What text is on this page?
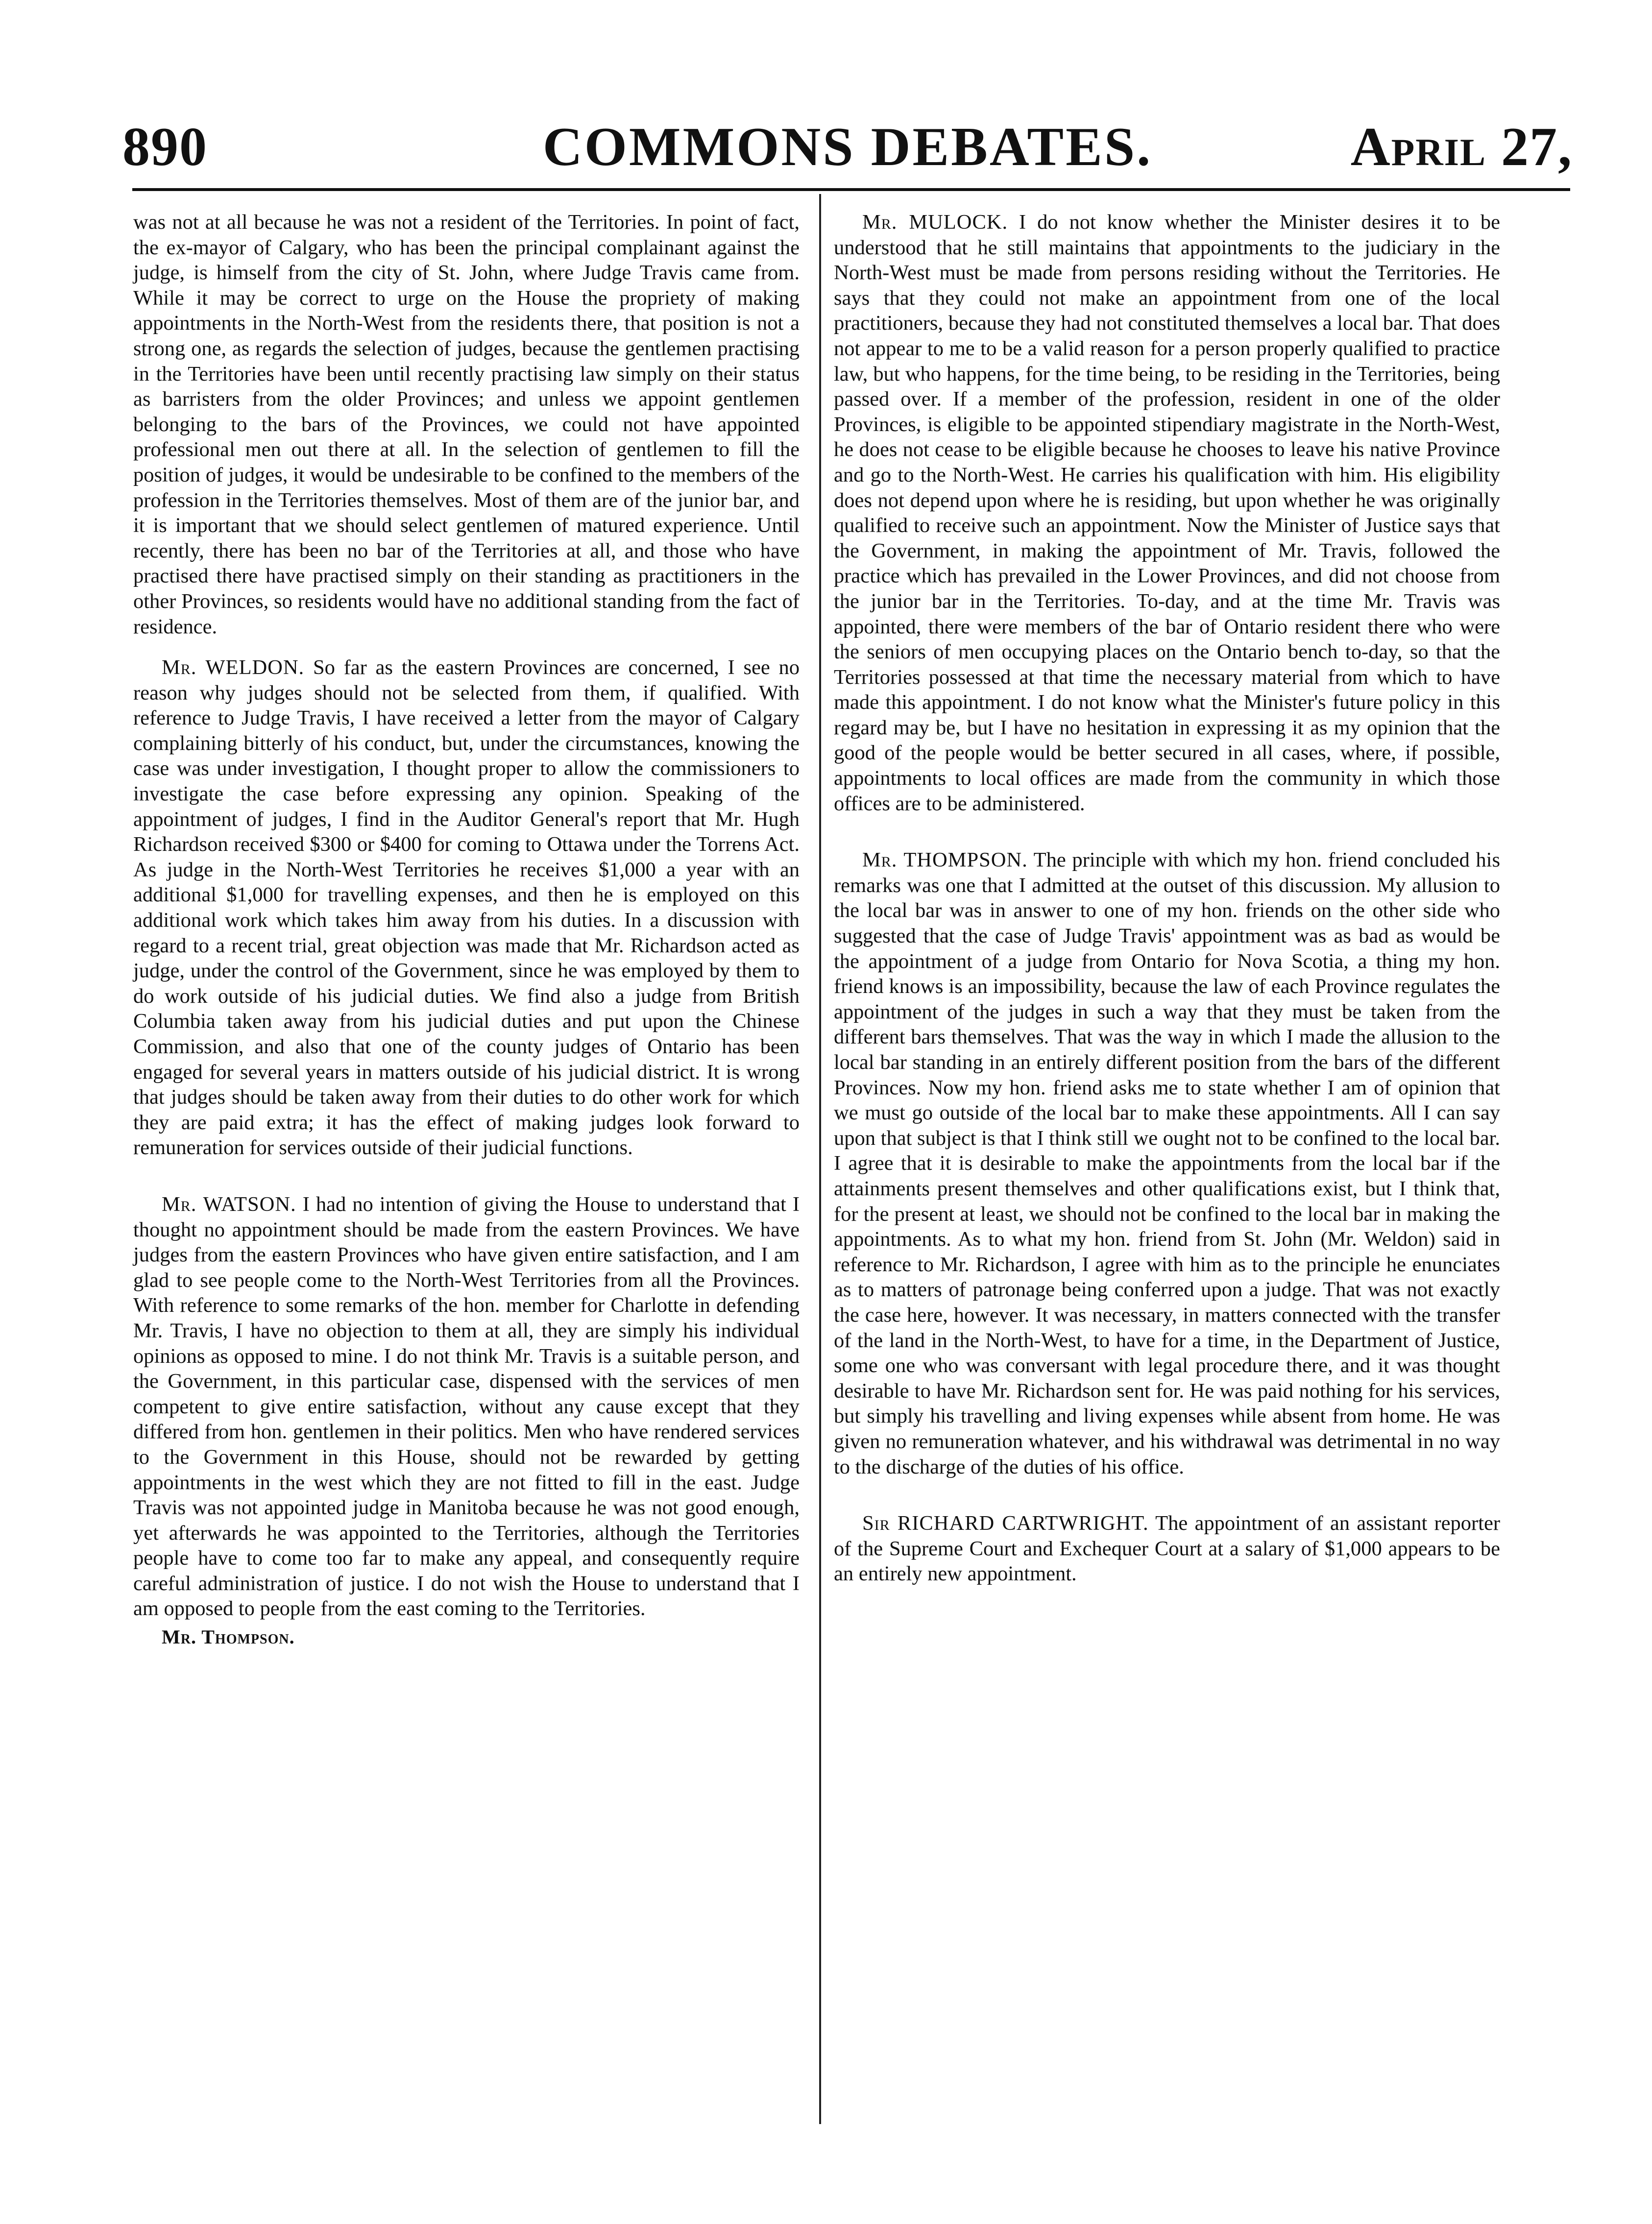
890	COMMONS DEBATES.	April 27,

was not at all because he was not a resident of the Territories. In point of fact, the ex-mayor of Calgary, who has been the principal complainant against the judge, is himself from the city of St. John, where Judge Travis came from. While it may be correct to urge on the House the propriety of making appointments in the North-West from the residents there, that position is not a strong one, as regards the selection of judges, because the gentlemen practising in the Territories have been until recently practising law simply on their status as barristers from the older Provinces; and unless we appoint gentlemen belonging to the bars of the Provinces, we could not have appointed professional men out there at all. In the selection of gentlemen to fill the position of judges, it would be undesirable to be confined to the members of the profession in the Territories themselves. Most of them are of the junior bar, and it is important that we should select gentlemen of matured experience. Until recently, there has been no bar of the Territories at all, and those who have practised there have practised simply on their standing as practitioners in the other Provinces, so residents would have no additional standing from the fact of residence.

Mr. WELDON. So far as the eastern Provinces are concerned, I see no reason why judges should not be selected from them, if qualified. With reference to Judge Travis, I have received a letter from the mayor of Calgary complaining bitterly of his conduct, but, under the circumstances, knowing the case was under investigation, I thought proper to allow the commissioners to investigate the case before expressing any opinion. Speaking of the appointment of judges, I find in the Auditor General's report that Mr. Hugh Richardson received $300 or $400 for coming to Ottawa under the Torrens Act. As judge in the North-West Territories he receives $1,000 a year with an additional $1,000 for travelling expenses, and then he is employed on this additional work which takes him away from his duties. In a discussion with regard to a recent trial, great objection was made that Mr. Richardson acted as judge, under the control of the Government, since he was employed by them to do work outside of his judicial duties. We find also a judge from British Columbia taken away from his judicial duties and put upon the Chinese Commission, and also that one of the county judges of Ontario has been engaged for several years in matters outside of his judicial district. It is wrong that judges should be taken away from their duties to do other work for which they are paid extra; it has the effect of making judges look forward to remuneration for services outside of their judicial functions.

Mr. WATSON. I had no intention of giving the House to understand that I thought no appointment should be made from the eastern Provinces. We have judges from the eastern Provinces who have given entire satisfaction, and I am glad to see people come to the North-West Territories from all the Provinces. With reference to some remarks of the hon. member for Charlotte in defending Mr. Travis, I have no objection to them at all, they are simply his individual opinions as opposed to mine. I do not think Mr. Travis is a suitable person, and the Government, in this particular case, dispensed with the services of men competent to give entire satisfaction, without any cause except that they differed from hon. gentlemen in their politics. Men who have rendered services to the Government in this House, should not be rewarded by getting appointments in the west which they are not fitted to fill in the east. Judge Travis was not appointed judge in Manitoba because he was not good enough, yet afterwards he was appointed to the Territories, although the Territories people have to come too far to make any appeal, and consequently require careful administration of justice. I do not wish the House to understand that I am opposed to people from the east coming to the Territories.

Mr. Thompson.

Mr. MULOCK. I do not know whether the Minister desires it to be understood that he still maintains that appointments to the judiciary in the North-West must be made from persons residing without the Territories. He says that they could not make an appointment from one of the local practitioners, because they had not constituted themselves a local bar. That does not appear to me to be a valid reason for a person properly qualified to practice law, but who happens, for the time being, to be residing in the Territories, being passed over. If a member of the profession, resident in one of the older Provinces, is eligible to be appointed stipendiary magistrate in the North-West, he does not cease to be eligible because he chooses to leave his native Province and go to the North-West. He carries his qualification with him. His eligibility does not depend upon where he is residing, but upon whether he was originally qualified to receive such an appointment. Now the Minister of Justice says that the Government, in making the appointment of Mr. Travis, followed the practice which has prevailed in the Lower Provinces, and did not choose from the junior bar in the Territories. To-day, and at the time Mr. Travis was appointed, there were members of the bar of Ontario resident there who were the seniors of men occupying places on the Ontario bench to-day, so that the Territories possessed at that time the necessary material from which to have made this appointment. I do not know what the Minister's future policy in this regard may be, but I have no hesitation in expressing it as my opinion that the good of the people would be better secured in all cases, where, if possible, appointments to local offices are made from the community in which those offices are to be administered.

Mr. THOMPSON. The principle with which my hon. friend concluded his remarks was one that I admitted at the outset of this discussion. My allusion to the local bar was in answer to one of my hon. friends on the other side who suggested that the case of Judge Travis' appointment was as bad as would be the appointment of a judge from Ontario for Nova Scotia, a thing my hon. friend knows is an impossibility, because the law of each Province regulates the appointment of the judges in such a way that they must be taken from the different bars themselves. That was the way in which I made the allusion to the local bar standing in an entirely different position from the bars of the different Provinces. Now my hon. friend asks me to state whether I am of opinion that we must go outside of the local bar to make these appointments. All I can say upon that subject is that I think still we ought not to be confined to the local bar. I agree that it is desirable to make the appointments from the local bar if the attainments present themselves and other qualifications exist, but I think that, for the present at least, we should not be confined to the local bar in making the appointments. As to what my hon. friend from St. John (Mr. Weldon) said in reference to Mr. Richardson, I agree with him as to the principle he enunciates as to matters of patronage being conferred upon a judge. That was not exactly the case here, however. It was necessary, in matters connected with the transfer of the land in the North-West, to have for a time, in the Department of Justice, some one who was conversant with legal procedure there, and it was thought desirable to have Mr. Richardson sent for. He was paid nothing for his services, but simply his travelling and living expenses while absent from home. He was given no remuneration whatever, and his withdrawal was detrimental in no way to the discharge of the duties of his office.

Sir RICHARD CARTWRIGHT. The appointment of an assistant reporter of the Supreme Court and Exchequer Court at a salary of $1,000 appears to be an entirely new appointment.
